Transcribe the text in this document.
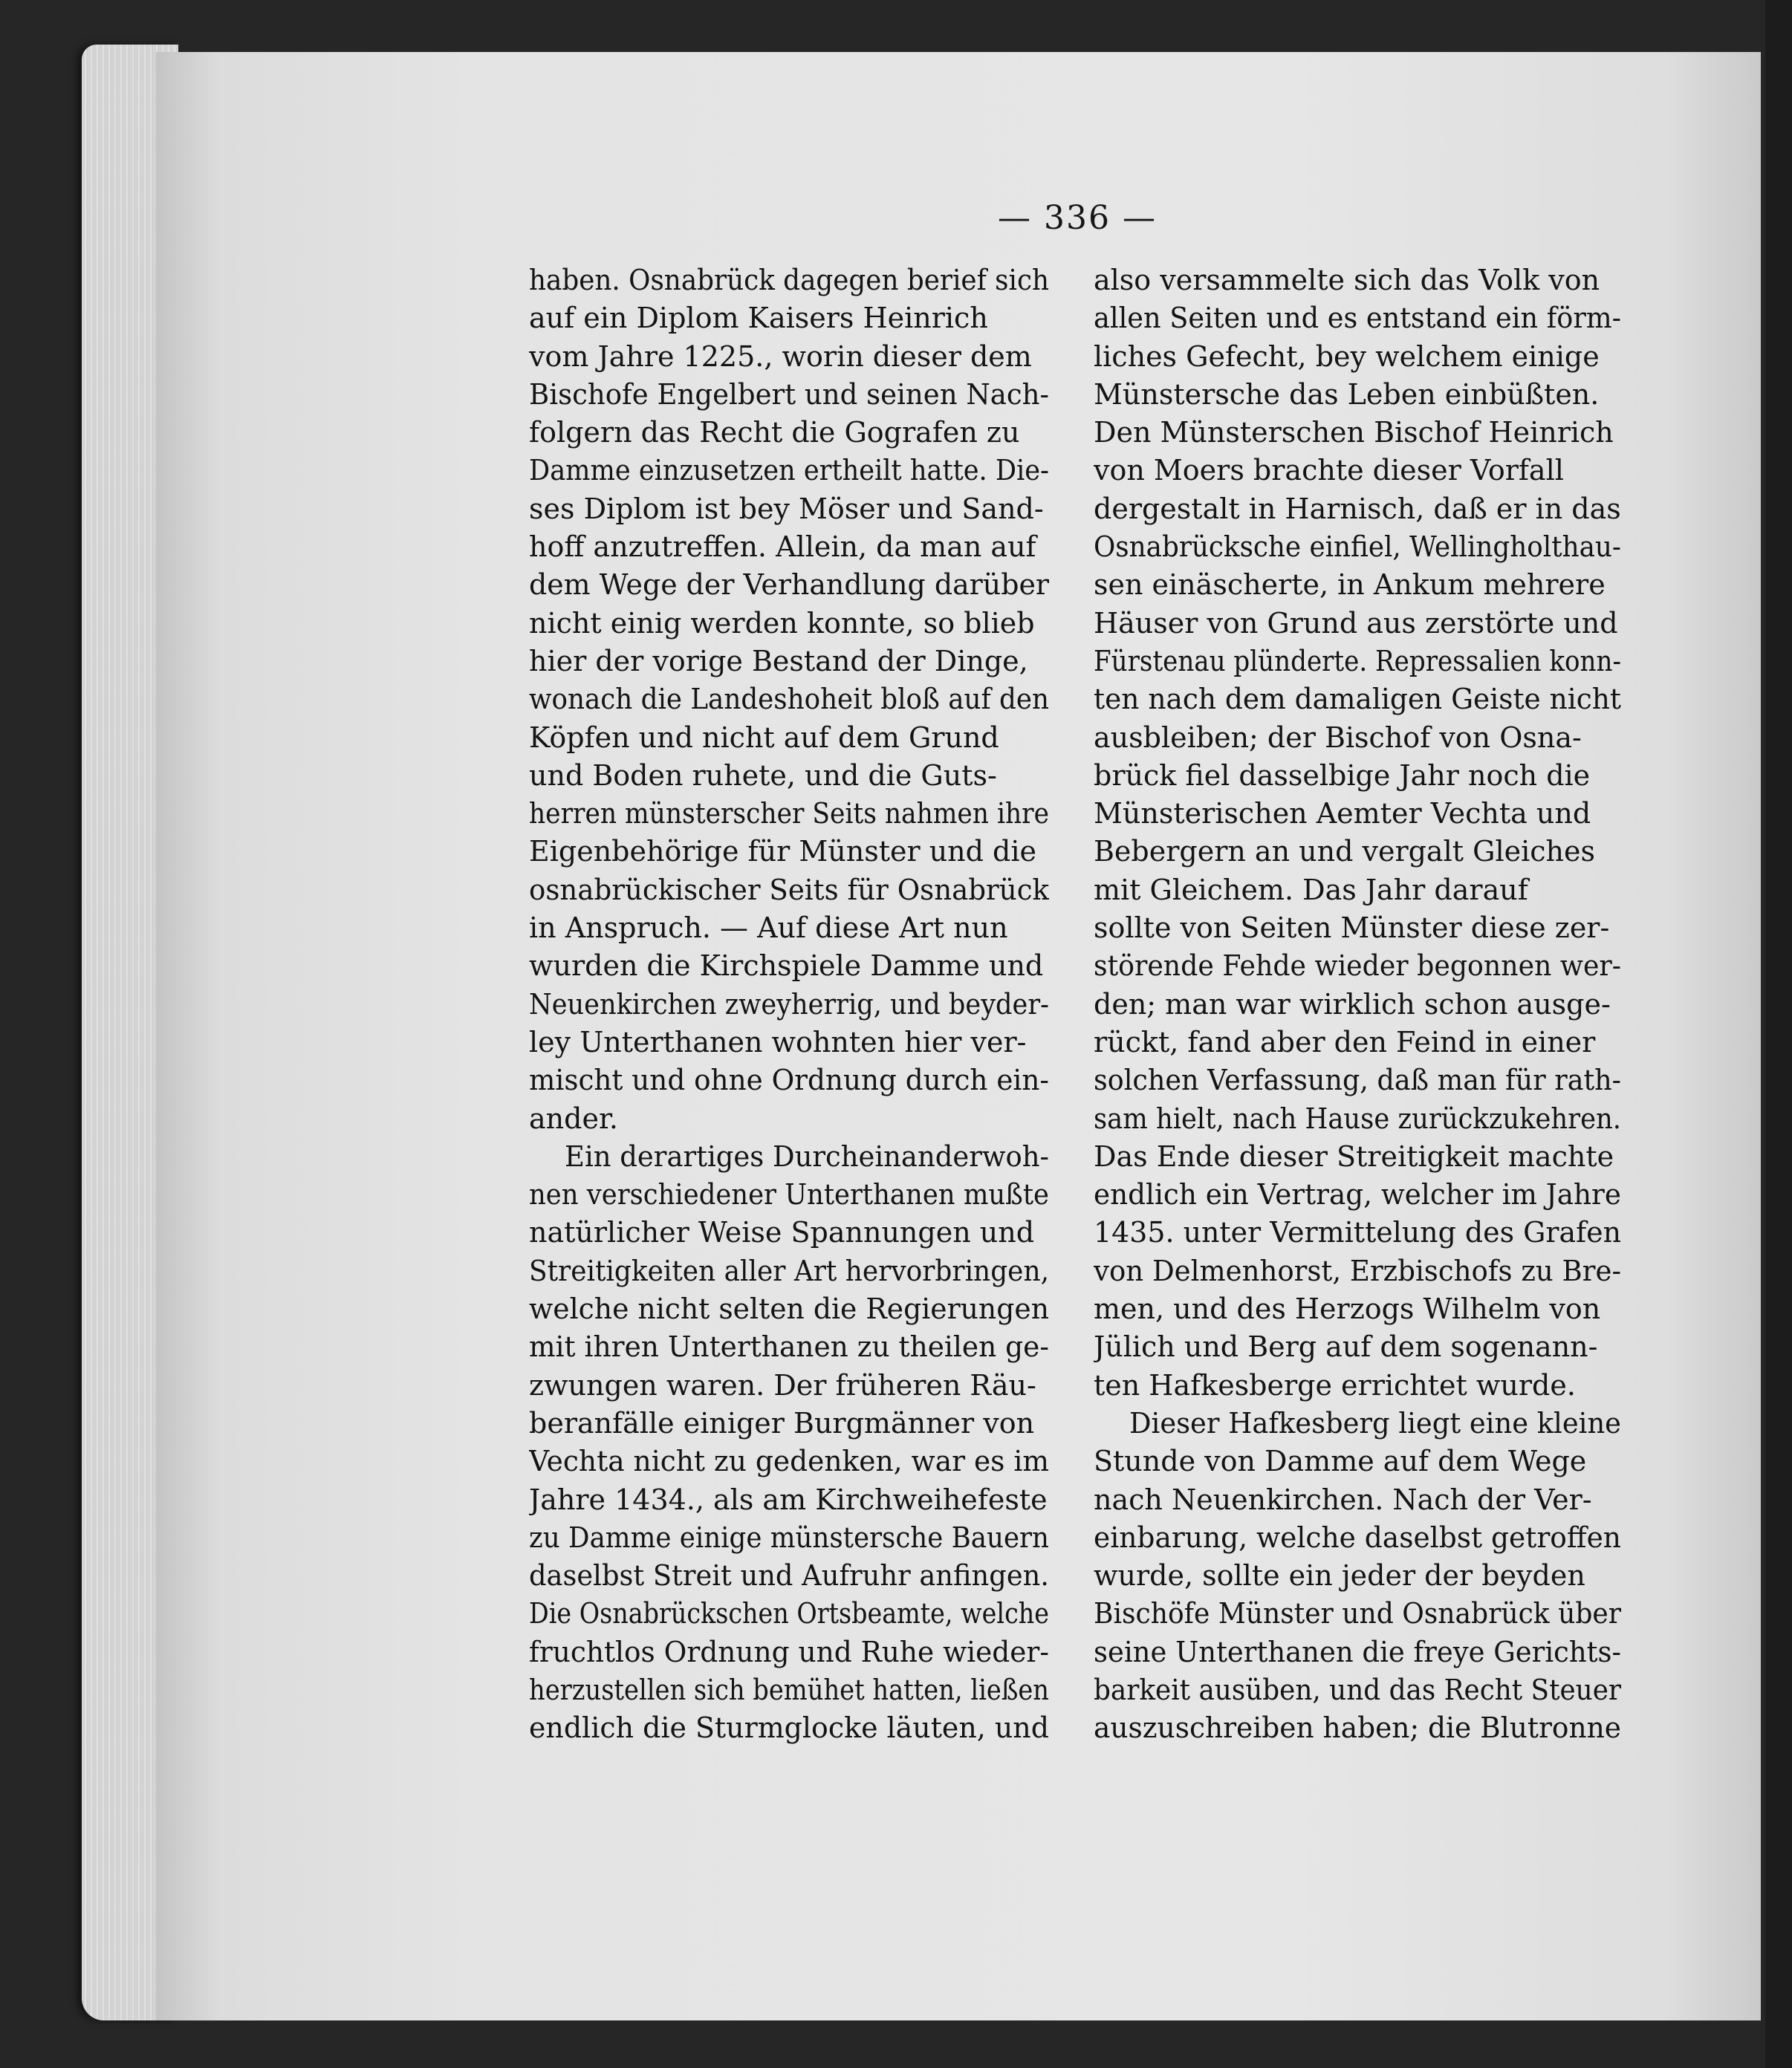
— 336 —
haben. Osnabrück dagegen berief sich
auf ein Diplom Kaisers Heinrich
vom Jahre 1225., worin dieser dem
Bischofe Engelbert und seinen Nach-
folgern das Recht die Gografen zu
Damme einzusetzen ertheilt hatte. Die-
ses Diplom ist bey Möser und Sand-
hoff anzutreffen. Allein, da man auf
dem Wege der Verhandlung darüber
nicht einig werden konnte, so blieb
hier der vorige Bestand der Dinge,
wonach die Landeshoheit bloß auf den
Köpfen und nicht auf dem Grund
und Boden ruhete, und die Guts-
herren münsterscher Seits nahmen ihre
Eigenbehörige für Münster und die
osnabrückischer Seits für Osnabrück
in Anspruch. — Auf diese Art nun
wurden die Kirchspiele Damme und
Neuenkirchen zweyherrig, und beyder-
ley Unterthanen wohnten hier ver-
mischt und ohne Ordnung durch ein-
ander.
Ein derartiges Durcheinanderwoh-
nen verschiedener Unterthanen mußte
natürlicher Weise Spannungen und
Streitigkeiten aller Art hervorbringen,
welche nicht selten die Regierungen
mit ihren Unterthanen zu theilen ge-
zwungen waren. Der früheren Räu-
beranfälle einiger Burgmänner von
Vechta nicht zu gedenken, war es im
Jahre 1434., als am Kirchweihefeste
zu Damme einige münstersche Bauern
daselbst Streit und Aufruhr anfingen.
Die Osnabrückschen Ortsbeamte, welche
fruchtlos Ordnung und Ruhe wieder-
herzustellen sich bemühet hatten, ließen
endlich die Sturmglocke läuten, und
also versammelte sich das Volk von
allen Seiten und es entstand ein förm-
liches Gefecht, bey welchem einige
Münstersche das Leben einbüßten.
Den Münsterschen Bischof Heinrich
von Moers brachte dieser Vorfall
dergestalt in Harnisch, daß er in das
Osnabrücksche einfiel, Wellingholthau-
sen einäscherte, in Ankum mehrere
Häuser von Grund aus zerstörte und
Fürstenau plünderte. Repressalien konn-
ten nach dem damaligen Geiste nicht
ausbleiben; der Bischof von Osna-
brück fiel dasselbige Jahr noch die
Münsterischen Aemter Vechta und
Bebergern an und vergalt Gleiches
mit Gleichem. Das Jahr darauf
sollte von Seiten Münster diese zer-
störende Fehde wieder begonnen wer-
den; man war wirklich schon ausge-
rückt, fand aber den Feind in einer
solchen Verfassung, daß man für rath-
sam hielt, nach Hause zurückzukehren.
Das Ende dieser Streitigkeit machte
endlich ein Vertrag, welcher im Jahre
1435. unter Vermittelung des Grafen
von Delmenhorst, Erzbischofs zu Bre-
men, und des Herzogs Wilhelm von
Jülich und Berg auf dem sogenann-
ten Hafkesberge errichtet wurde.
Dieser Hafkesberg liegt eine kleine
Stunde von Damme auf dem Wege
nach Neuenkirchen. Nach der Ver-
einbarung, welche daselbst getroffen
wurde, sollte ein jeder der beyden
Bischöfe Münster und Osnabrück über
seine Unterthanen die freye Gerichts-
barkeit ausüben, und das Recht Steuer
auszuschreiben haben; die Blutronne
